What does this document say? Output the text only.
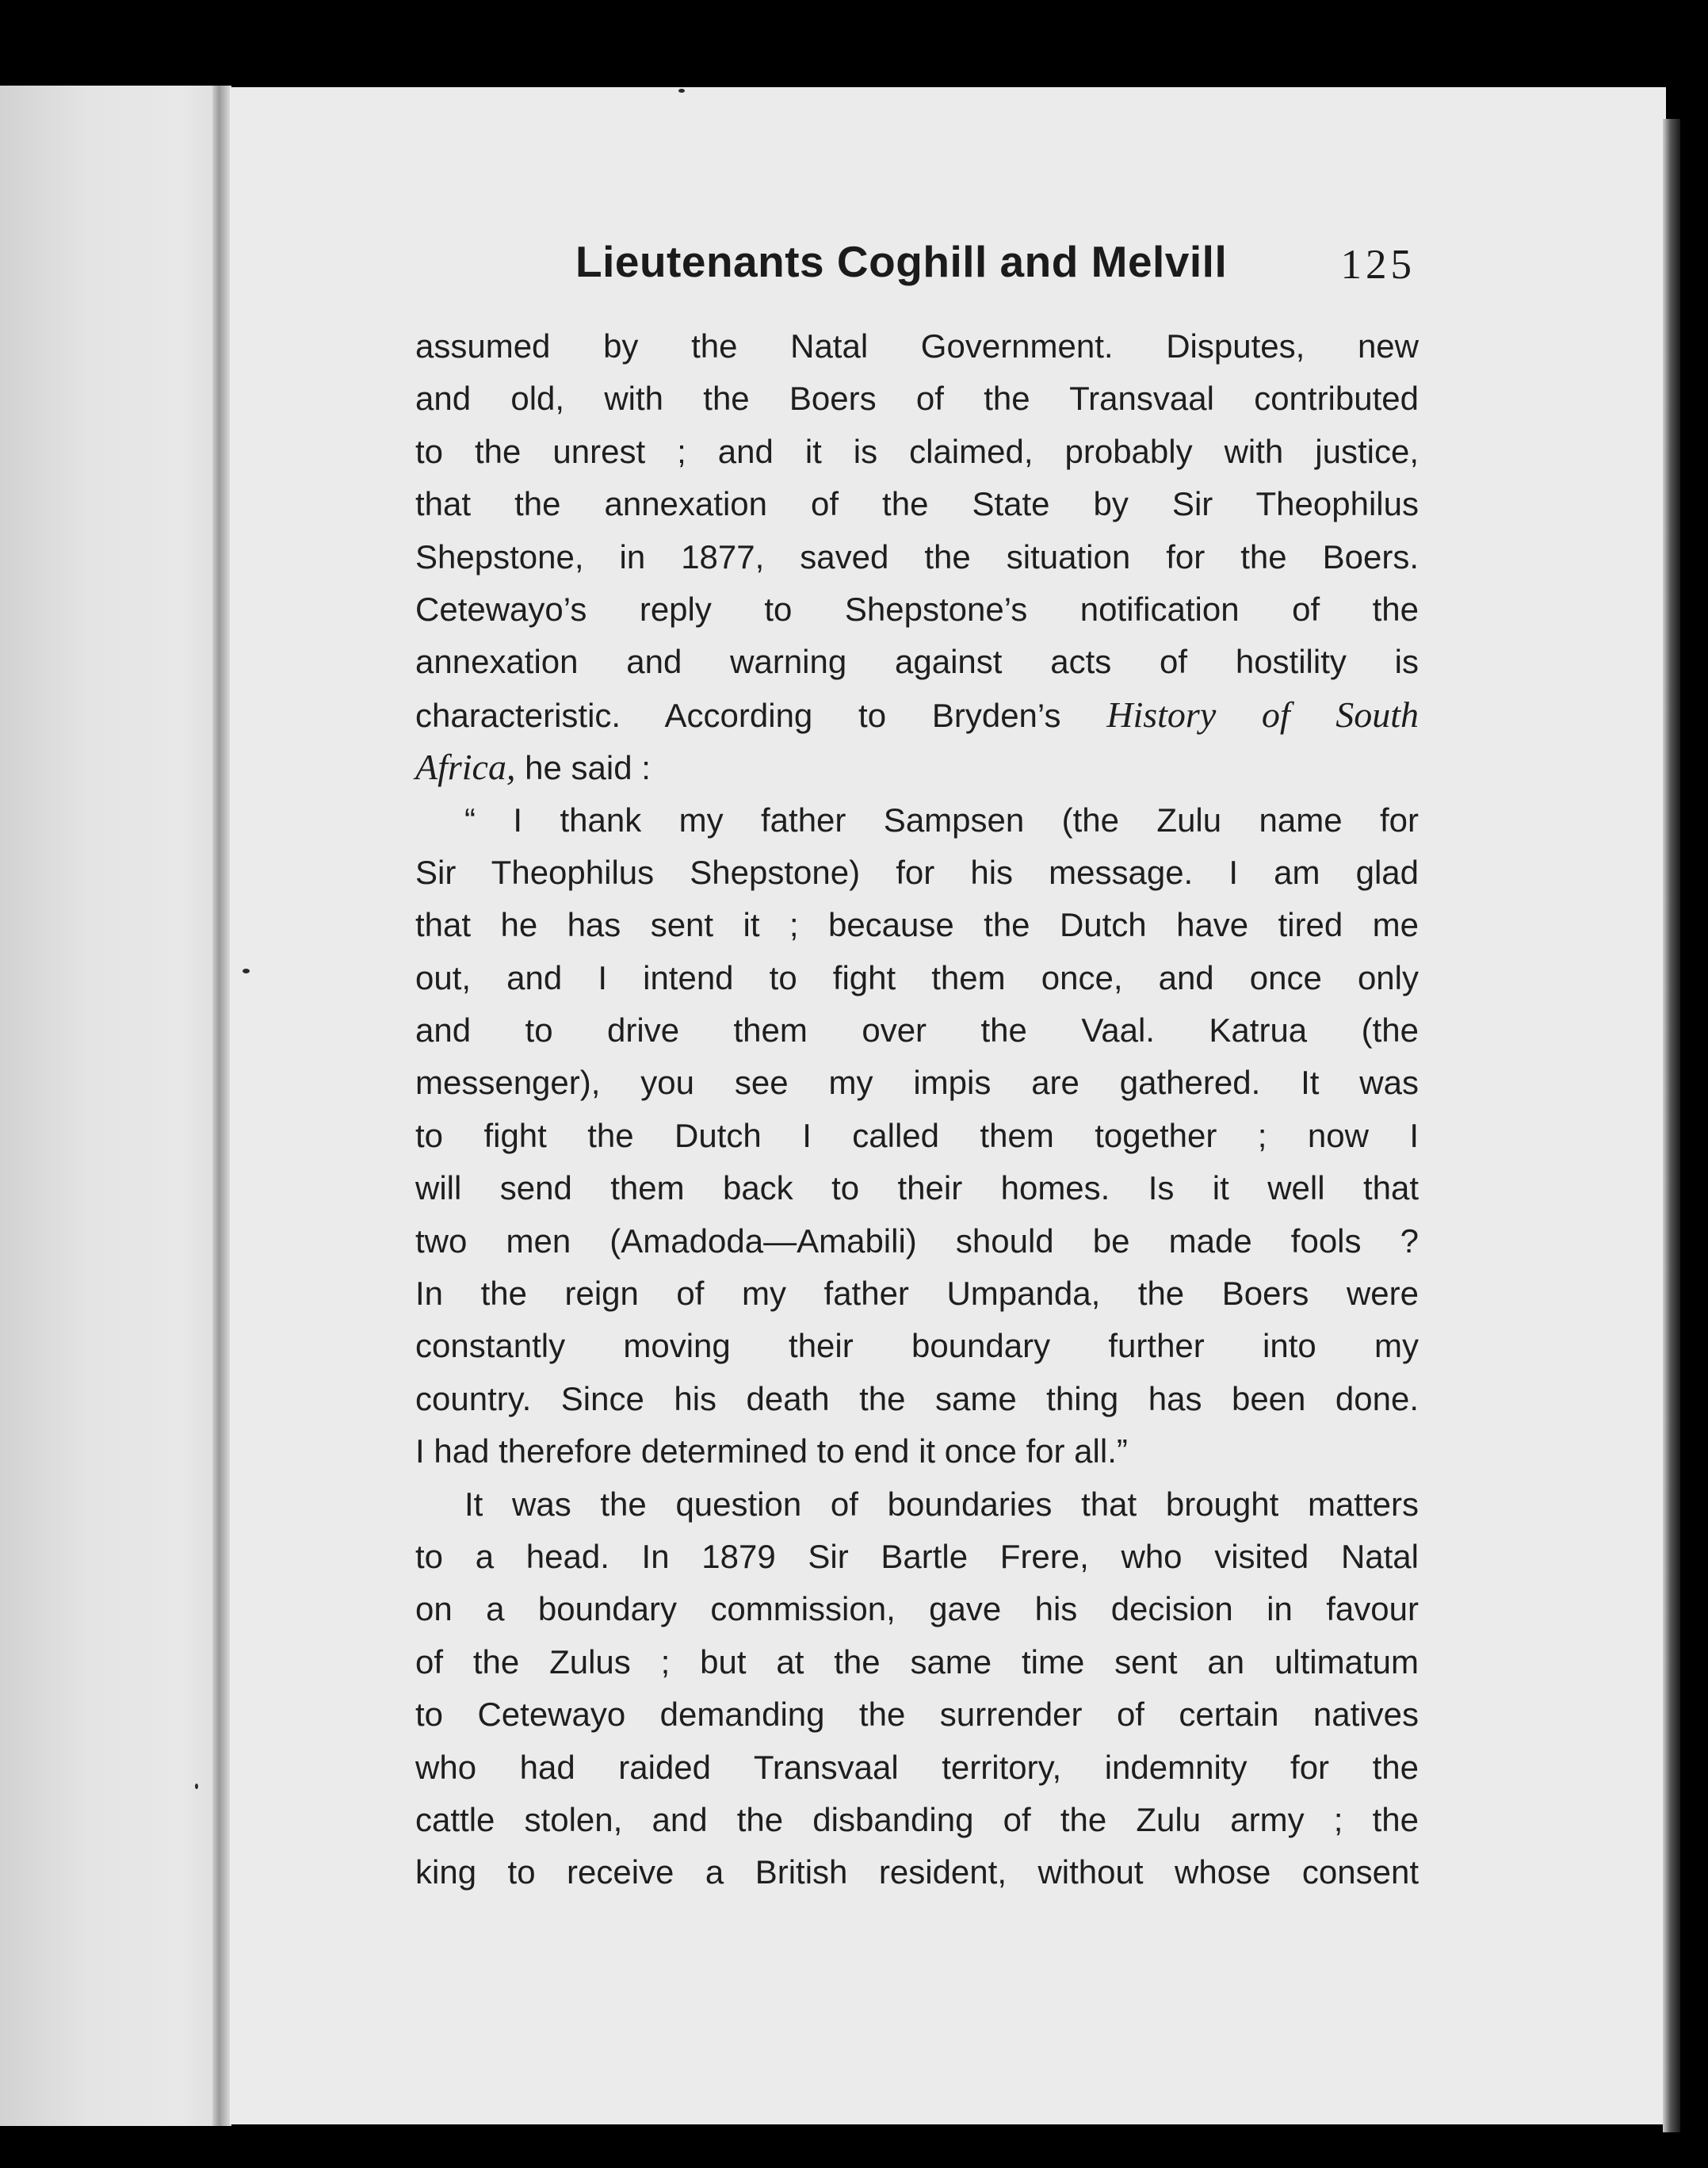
Lieutenants Coghill and Melvill	125
assumed by the Natal Government. Disputes, new
and old, with the Boers of the Transvaal contributed
to the unrest ; and it is claimed, probably with justice,
that the annexation of the State by Sir Theophilus
Shepstone, in 1877, saved the situation for the Boers.
Cetewayo’s reply to Shepstone’s notification of the
annexation and warning against acts of hostility is
characteristic. According to Bryden’s History of South
Africa, he said :
“ I thank my father Sampsen (the Zulu name for
Sir Theophilus Shepstone) for his message. I am glad
that he has sent it ; because the Dutch have tired me
out, and I intend to fight them once, and once only
and to drive them over the Vaal. Katrua (the
messenger), you see my impis are gathered. It was
to fight the Dutch I called them together ; now I
will send them back to their homes. Is it well that
two men (Amadoda—Amabili) should be made fools ?
In the reign of my father Umpanda, the Boers were
constantly moving their boundary further into my
country. Since his death the same thing has been done.
I had therefore determined to end it once for all.”
It was the question of boundaries that brought matters
to a head. In 1879 Sir Bartle Frere, who visited Natal
on a boundary commission, gave his decision in favour
of the Zulus ; but at the same time sent an ultimatum
to Cetewayo demanding the surrender of certain natives
who had raided Transvaal territory, indemnity for the
cattle stolen, and the disbanding of the Zulu army ; the
king to receive a British resident, without whose consent
